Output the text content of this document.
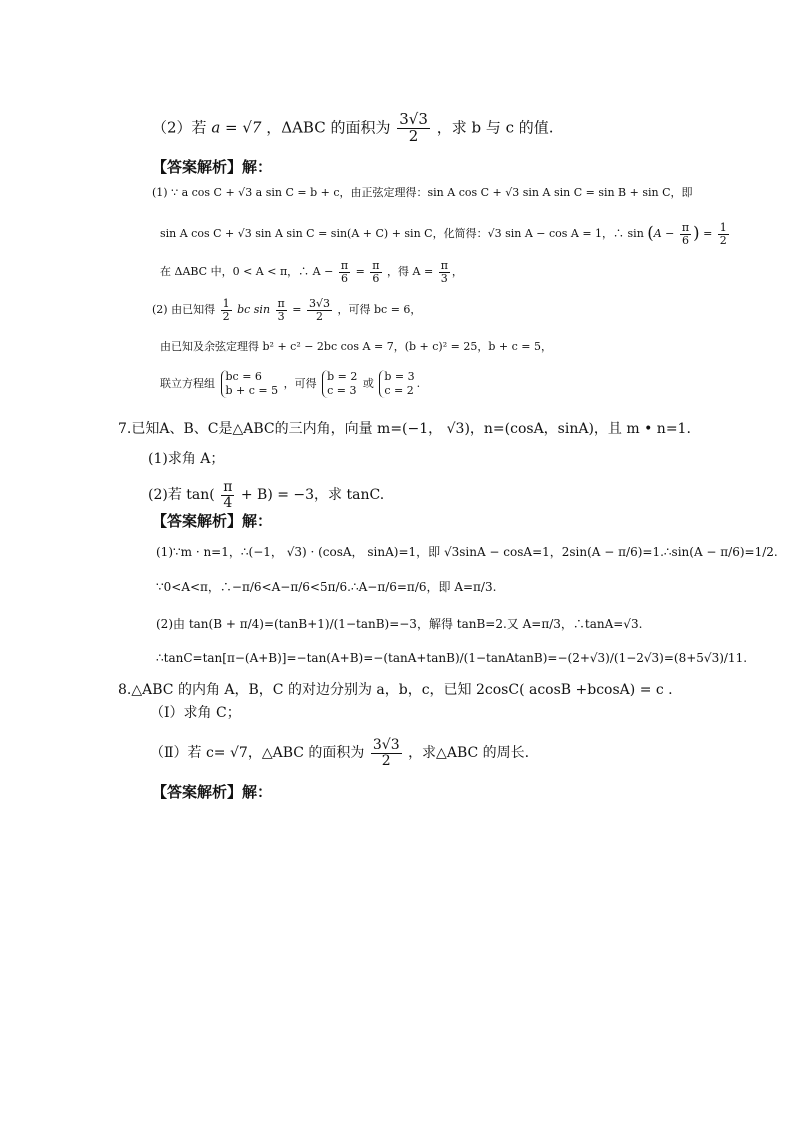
（2）若 a = √7 ，ΔABC 的面积为 $\frac{3√3}{2}$ ，求 b 与 c 的值.
【答案解析】解：
(1) ∵ a cos C + √3 a sin C = b + c，由正弦定理得：sin A cos C + √3 sin A sin C = sin B + sin C，即
sin A cos C + √3 sin A sin C = sin(A + C) + sin C，化简得：√3 sin A − cos A = 1，∴ $\sin (A - \frac{\pi}{6}$ ) = $\frac{1}{2}$
在 ΔABC 中，0 < A < π，∴ $A - \frac{\pi}{6} = \frac{\pi}{6}$ ，得 $A = \frac{\pi}{3}$ ，
(2) 由已知得 $\frac{1}{2}$ bc $\sin \frac{\pi}{3} = \frac{3√3}{2}$ ，可得 bc = 6，
由已知及余弦定理得 b² + c² − 2bc cos A = 7，(b + c)² = 25，b + c = 5，
联立方程组
bc = 6
b + c = 5
，可得
b = 2
c = 3
或
b = 3
c = 2
.
7.已知A、B、C是△ABC的三内角，向量 m=(−1， √3)，n=(cosA，sinA)，且 m • n=1.
(1)求角 A；
(2)若 $\tan( \frac{\pi}{4} + B) = -3$，求 tanC.
【答案解析】解：
(1)∵m · n=1，∴(−1， √3) · (cosA， sinA)=1，即 √3sinA − cosA=1，2sin(A − π/6)=1.∴sin(A − π/6)=1/2.
∵0<A<π，∴−π/6<A−π/6<5π/6.∴A−π/6=π/6，即 A=π/3.
(2)由 tan(B + π/4)=(tanB+1)/(1−tanB)=−3，解得 tanB=2.又 A=π/3，∴tanA=√3.
∴tanC=tan[π−(A+B)]=−tan(A+B)=−(tanA+tanB)/(1−tanAtanB)=−(2+√3)/(1−2√3)=(8+5√3)/11.
8.△ABC 的内角 A，B，C 的对边分别为 a，b，c，已知 2cosC( acosB +bcosA) = c .
（Ⅰ）求角 C；
（Ⅱ）若 c= √7，△ABC 的面积为 $\frac{3√3}{2}$ ，求△ABC 的周长.
【答案解析】解：
